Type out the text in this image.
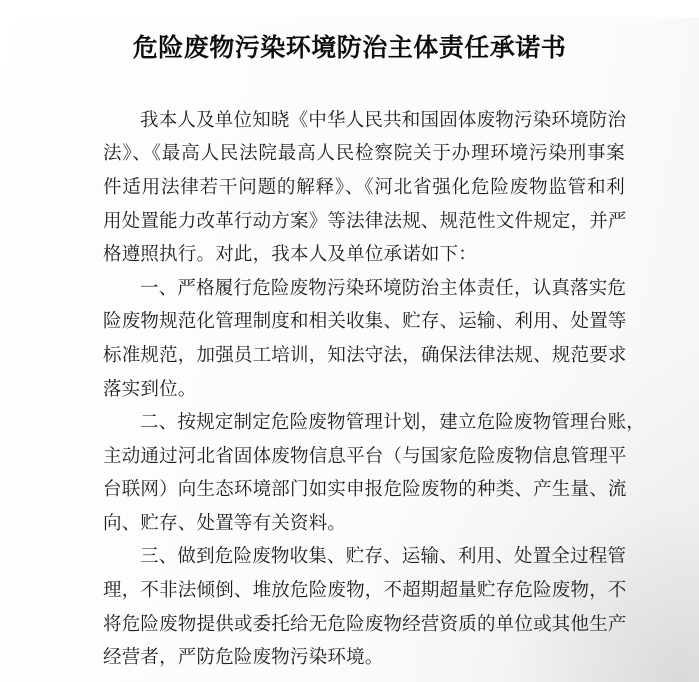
危险废物污染环境防治主体责任承诺书

我本人及单位知晓《中华人民共和国固体废物污染环境防治
法》、《最高人民法院最高人民检察院关于办理环境污染刑事案
件适用法律若干问题的解释》、《河北省强化危险废物监管和利
用处置能力改革行动方案》等法律法规、规范性文件规定，并严
格遵照执行。对此，我本人及单位承诺如下：

一、严格履行危险废物污染环境防治主体责任，认真落实危
险废物规范化管理制度和相关收集、贮存、运输、利用、处置等
标准规范，加强员工培训，知法守法，确保法律法规、规范要求
落实到位。

二、按规定制定危险废物管理计划，建立危险废物管理台账，
主动通过河北省固体废物信息平台（与国家危险废物信息管理平
台联网）向生态环境部门如实申报危险废物的种类、产生量、流
向、贮存、处置等有关资料。

三、做到危险废物收集、贮存、运输、利用、处置全过程管
理，不非法倾倒、堆放危险废物，不超期超量贮存危险废物，不
将危险废物提供或委托给无危险废物经营资质的单位或其他生产
经营者，严防危险废物污染环境。
